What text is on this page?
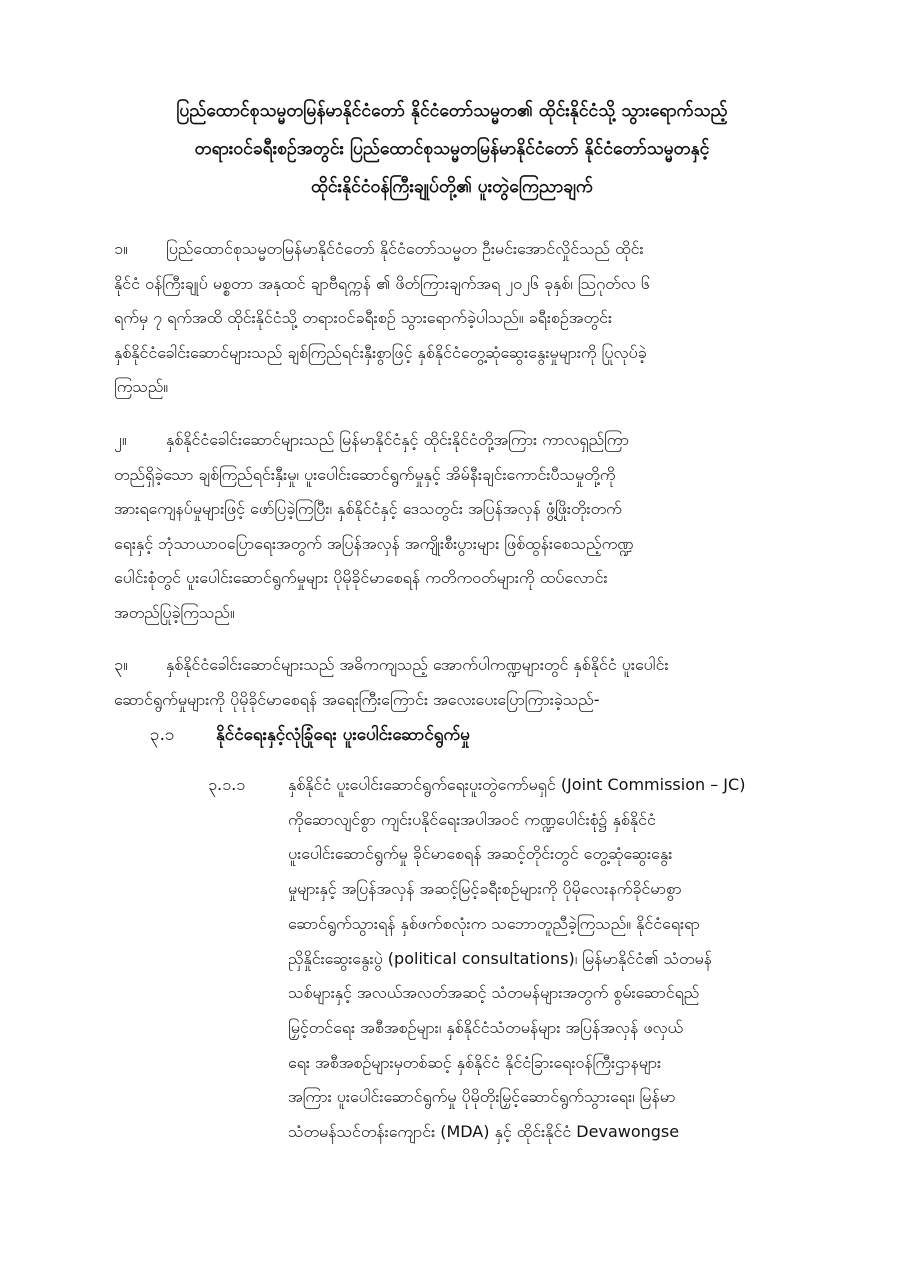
ပြည်ထောင်စုသမ္မတမြန်မာနိုင်ငံတော် နိုင်ငံတော်သမ္မတ၏ ထိုင်းနိုင်ငံသို့ သွားရောက်သည့်
တရားဝင်ခရီးစဉ်အတွင်း ပြည်ထောင်စုသမ္မတမြန်မာနိုင်ငံတော် နိုင်ငံတော်သမ္မတနှင့်
ထိုင်းနိုင်ငံဝန်ကြီးချုပ်တို့၏ ပူးတွဲကြေညာချက်
၁။ ပြည်ထောင်စုသမ္မတမြန်မာနိုင်ငံတော် နိုင်ငံတော်သမ္မတ ဦးမင်းအောင်လှိုင်သည် ထိုင်း
နိုင်ငံ ဝန်ကြီးချုပ် မစ္စတာ အနုထင် ချာဗီရက္ကန် ၏ ဖိတ်ကြားချက်အရ ၂၀၂၆ ခုနှစ်၊ ဩဂုတ်လ ၆
ရက်မှ ၇ ရက်အထိ ထိုင်းနိုင်ငံသို့ တရားဝင်ခရီးစဉ် သွားရောက်ခဲ့ပါသည်။ ခရီးစဉ်အတွင်း
နှစ်နိုင်ငံခေါင်းဆောင်များသည် ချစ်ကြည်ရင်းနှီးစွာဖြင့် နှစ်နိုင်ငံတွေ့ဆုံဆွေးနွေးမှုများကို ပြုလုပ်ခဲ့
ကြသည်။
၂။ နှစ်နိုင်ငံခေါင်းဆောင်များသည် မြန်မာနိုင်ငံနှင့် ထိုင်းနိုင်ငံတို့အကြား ကာလရှည်ကြာ
တည်ရှိခဲ့သော ချစ်ကြည်ရင်းနှီးမှု၊ ပူးပေါင်းဆောင်ရွက်မှုနှင့် အိမ်နီးချင်းကောင်းပီသမှုတို့ကို
အားရကျေနပ်မှုများဖြင့် ဖော်ပြခဲ့ကြပြီး၊ နှစ်နိုင်ငံနှင့် ဒေသတွင်း အပြန်အလှန် ဖွံ့ဖြိုးတိုးတက်
ရေးနှင့် ဘုံသာယာဝပြောရေးအတွက် အပြန်အလှန် အကျိုးစီးပွားများ ဖြစ်ထွန်းစေသည့်ကဏ္ဍ
ပေါင်းစုံတွင် ပူးပေါင်းဆောင်ရွက်မှုများ ပိုမိုခိုင်မာစေရန် ကတိကဝတ်များကို ထပ်လောင်း
အတည်ပြုခဲ့ကြသည်။
၃။ နှစ်နိုင်ငံခေါင်းဆောင်များသည် အဓိကကျသည့် အောက်ပါကဏ္ဍများတွင် နှစ်နိုင်ငံ ပူးပေါင်း
ဆောင်ရွက်မှုများကို ပိုမိုခိုင်မာစေရန် အရေးကြီးကြောင်း အလေးပေးပြောကြားခဲ့သည်-
၃.၁ နိုင်ငံရေးနှင့်လုံခြုံရေး ပူးပေါင်းဆောင်ရွက်မှု
၃.၁.၁	နှစ်နိုင်ငံ ပူးပေါင်းဆောင်ရွက်ရေးပူးတွဲကော်မရှင် (Joint Commission – JC)
ကိုဆောလျင်စွာ ကျင်းပနိုင်ရေးအပါအဝင် ကဏ္ဍပေါင်းစုံ၌ နှစ်နိုင်ငံ
ပူးပေါင်းဆောင်ရွက်မှု ခိုင်မာစေရန် အဆင့်တိုင်းတွင် တွေ့ဆုံဆွေးနွေး
မှုများနှင့် အပြန်အလှန် အဆင့်မြင့်ခရီးစဉ်များကို ပိုမိုလေးနက်ခိုင်မာစွာ
ဆောင်ရွက်သွားရန် နှစ်ဖက်စလုံးက သဘောတူညီခဲ့ကြသည်။ နိုင်ငံရေးရာ
ညှိနှိုင်းဆွေးနွေးပွဲ (political consultations)၊ မြန်မာနိုင်ငံ၏ သံတမန်
သစ်များနှင့် အလယ်အလတ်အဆင့် သံတမန်များအတွက် စွမ်းဆောင်ရည်
မြှင့်တင်ရေး အစီအစဉ်များ၊ နှစ်နိုင်ငံသံတမန်များ အပြန်အလှန် ဖလှယ်
ရေး အစီအစဉ်များမှတစ်ဆင့် နှစ်နိုင်ငံ နိုင်ငံခြားရေးဝန်ကြီးဌာနများ
အကြား ပူးပေါင်းဆောင်ရွက်မှု ပိုမိုတိုးမြှင့်ဆောင်ရွက်သွားရေး၊ မြန်မာ
သံတမန်သင်တန်းကျောင်း (MDA) နှင့် ထိုင်းနိုင်ငံ Devawongse
